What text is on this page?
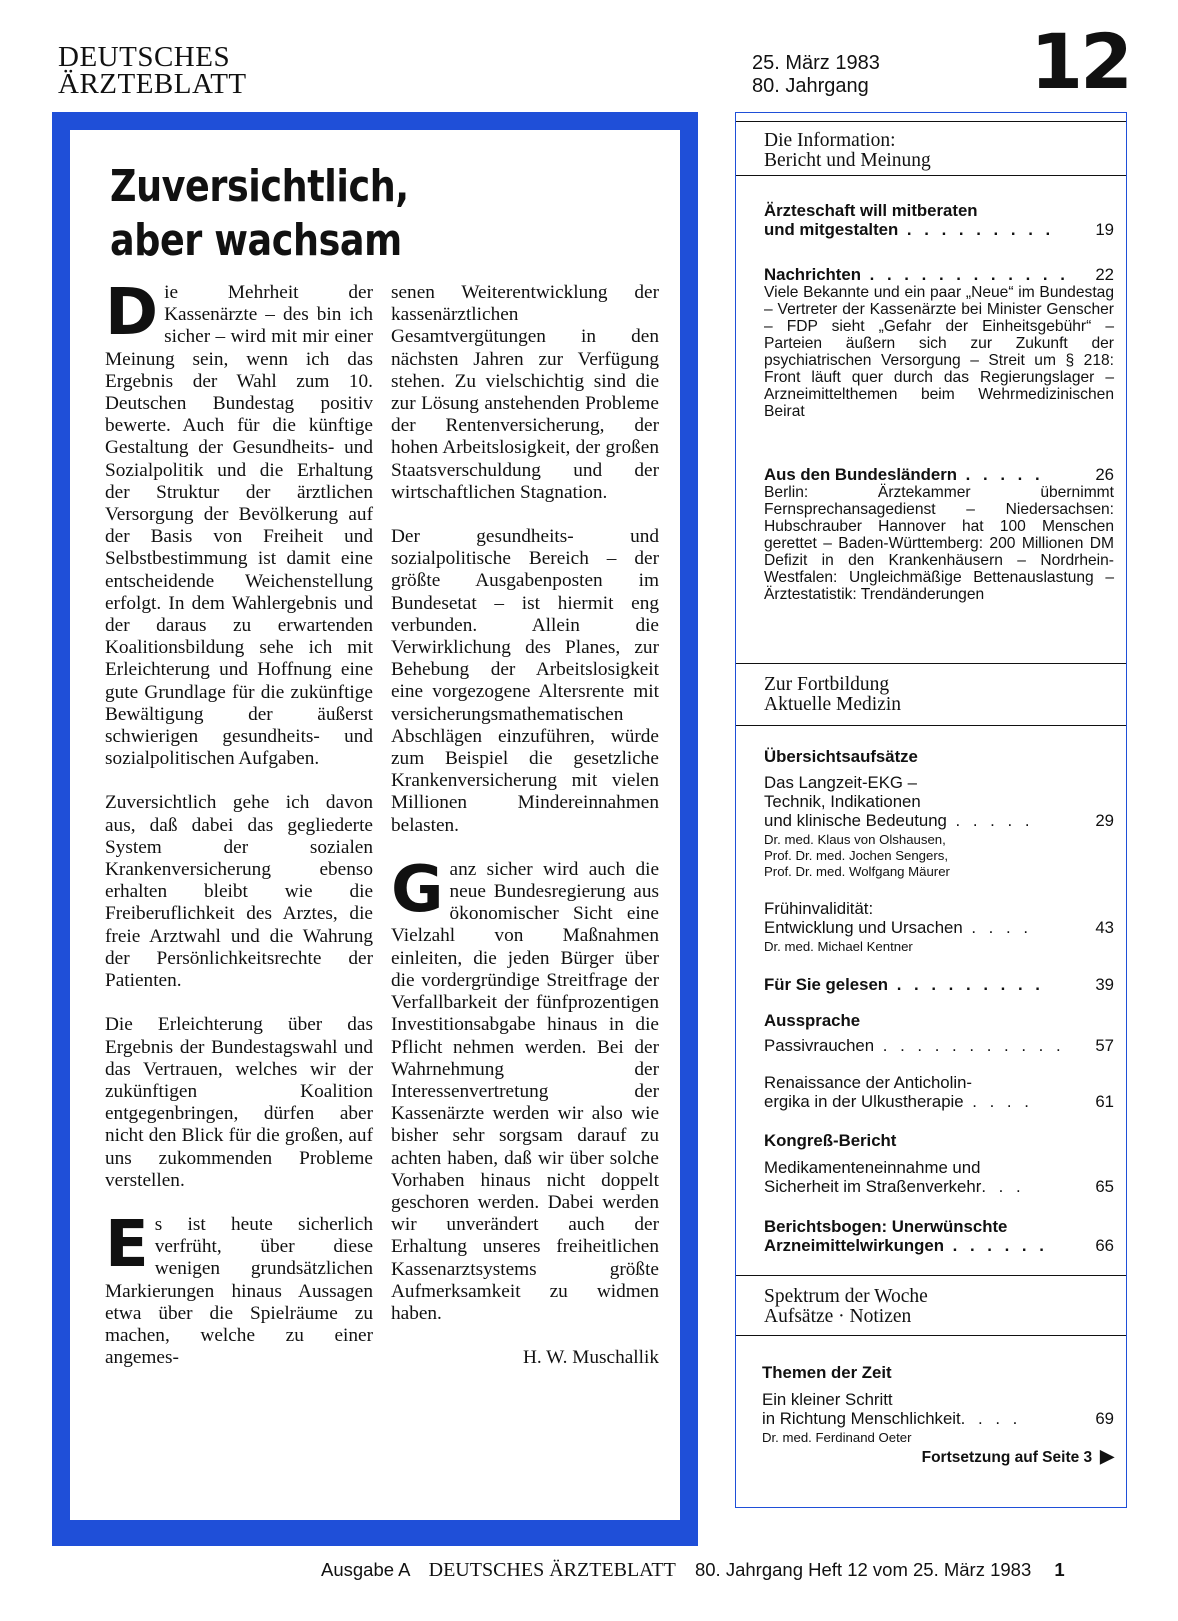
DEUTSCHES
ÄRZTEBLATT
25. März 1983
80. Jahrgang 12
Zuversichtlich,
aber wachsam

Die Mehrheit der Kassenärzte – des bin ich sicher – wird mit mir einer Meinung sein, wenn ich das Ergebnis der Wahl zum 10. Deutschen Bundestag positiv bewerte. Auch für die künftige Gestaltung der Gesundheits- und Sozialpolitik und die Erhaltung der Struktur der ärztlichen Versorgung der Bevölkerung auf der Basis von Freiheit und Selbstbestimmung ist damit eine entscheidende Weichenstellung erfolgt. In dem Wahlergebnis und der daraus zu erwartenden Koalitionsbildung sehe ich mit Erleichterung und Hoffnung eine gute Grundlage für die zukünftige Bewältigung der äußerst schwierigen gesundheits- und sozialpolitischen Aufgaben.

Zuversichtlich gehe ich davon aus, daß dabei das gegliederte System der sozialen Krankenversicherung ebenso erhalten bleibt wie die Freiberuflichkeit des Arztes, die freie Arztwahl und die Wahrung der Persönlichkeitsrechte der Patienten.

Die Erleichterung über das Ergebnis der Bundestagswahl und das Vertrauen, welches wir der zukünftigen Koalition entgegenbringen, dürfen aber nicht den Blick für die großen, auf uns zukommenden Probleme verstellen.

Es ist heute sicherlich verfrüht, über diese wenigen grundsätzlichen Markierungen hinaus Aussagen etwa über die Spielräume zu machen, welche zu einer angemes-

senen Weiterentwicklung der kassenärztlichen Gesamtvergütungen in den nächsten Jahren zur Verfügung stehen. Zu vielschichtig sind die zur Lösung anstehenden Probleme der Rentenversicherung, der hohen Arbeitslosigkeit, der großen Staatsverschuldung und der wirtschaftlichen Stagnation.

Der gesundheits- und sozialpolitische Bereich – der größte Ausgabenposten im Bundesetat – ist hiermit eng verbunden. Allein die Verwirklichung des Planes, zur Behebung der Arbeitslosigkeit eine vorgezogene Altersrente mit versicherungsmathematischen Abschlägen einzuführen, würde zum Beispiel die gesetzliche Krankenversicherung mit vielen Millionen Mindereinnahmen belasten.

Ganz sicher wird auch die neue Bundesregierung aus ökonomischer Sicht eine Vielzahl von Maßnahmen einleiten, die jeden Bürger über die vordergründige Streitfrage der Verfallbarkeit der fünfprozentigen Investitionsabgabe hinaus in die Pflicht nehmen werden. Bei der Wahrnehmung der Interessenvertretung der Kassenärzte werden wir also wie bisher sehr sorgsam darauf zu achten haben, daß wir über solche Vorhaben hinaus nicht doppelt geschoren werden. Dabei werden wir unverändert auch der Erhaltung unseres freiheitlichen Kassenarztsystems größte Aufmerksamkeit zu widmen haben.

H. W. Muschallik

Die Information:
Bericht und Meinung
Ärzteschaft will mitberaten
und mitgestalten . . . . . . . . .	19
Nachrichten . . . . . . . . . . . .	22
Viele Bekannte und ein paar „Neue“ im Bundestag – Vertreter der Kassenärzte bei Minister Genscher – FDP sieht „Gefahr der Einheitsgebühr“ – Parteien äußern sich zur Zukunft der psychiatrischen Versorgung – Streit um § 218: Front läuft quer durch das Regierungslager – Arzneimittelthemen beim Wehrmedizinischen Beirat
Aus den Bundesländern . . . . .	26
Berlin: Ärztekammer übernimmt Fernsprechansagedienst – Niedersachsen: Hubschrauber Hannover hat 100 Menschen gerettet – Baden-Württemberg: 200 Millionen DM Defizit in den Krankenhäusern – Nordrhein-Westfalen: Ungleichmäßige Bettenauslastung – Ärztestatistik: Trendänderungen
Zur Fortbildung
Aktuelle Medizin
Übersichtsaufsätze
Das Langzeit-EKG –
Technik, Indikationen
und klinische Bedeutung . . . . .	29
Dr. med. Klaus von Olshausen,
Prof. Dr. med. Jochen Sengers,
Prof. Dr. med. Wolfgang Mäurer
Frühinvalidität:
Entwicklung und Ursachen . . . .	43
Dr. med. Michael Kentner
Für Sie gelesen . . . . . . . . .	39
Aussprache
Passivrauchen . . . . . . . . . . .	57
Renaissance der Anticholin-
ergika in der Ulkustherapie . . . .	61
Kongreß-Bericht
Medikamenteneinnahme und
Sicherheit im Straßenverkehr. . .	65
Berichtsbogen: Unerwünschte
Arzneimittelwirkungen . . . . . .	66
Spektrum der Woche
Aufsätze · Notizen
Themen der Zeit
Ein kleiner Schritt
in Richtung Menschlichkeit. . . .	69
Dr. med. Ferdinand Oeter
Fortsetzung auf Seite 3 ▶
Ausgabe A DEUTSCHES ÄRZTEBLATT 80. Jahrgang Heft 12 vom 25. März 1983 1
